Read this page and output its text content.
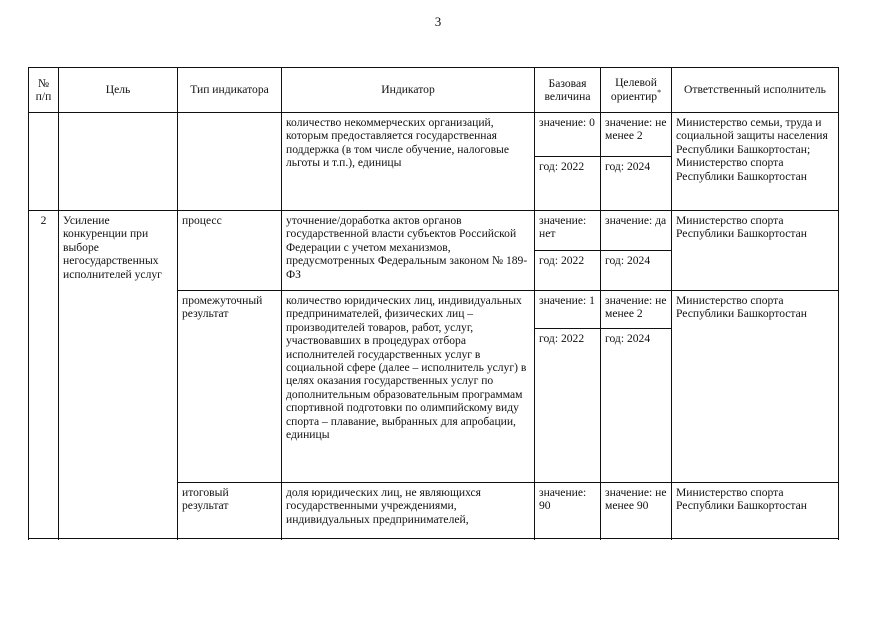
3
№ п/п	Цель	Тип индикатора	Индикатор	Базовая величина	Целевой ориентир*	Ответственный исполнитель
			количество некоммерческих организаций, которым предоставляется государственная поддержка (в том числе обучение, налоговые льготы и т.п.), единицы	значение: 0	значение: не менее 2	Министерство семьи, труда и социальной защиты населения Республики Башкортостан; Министерство спорта Республики Башкортостан
				год: 2022	год: 2024	
2	Усиление конкуренции при выборе негосударственных исполнителей услуг	процесс	уточнение/доработка актов органов государственной власти субъектов Российской Федерации с учетом механизмов, предусмотренных Федеральным законом № 189-ФЗ	значение: нет	значение: да	Министерство спорта Республики Башкортостан
				год: 2022	год: 2024	
		промежуточный результат	количество юридических лиц, индивидуальных предпринимателей, физических лиц – производителей товаров, работ, услуг, участвовавших в процедурах отбора исполнителей государственных услуг в социальной сфере (далее – исполнитель услуг) в целях оказания государственных услуг по дополнительным образовательным программам спортивной подготовки по олимпийскому виду спорта – плавание, выбранных для апробации, единицы	значение: 1	значение: не менее 2	Министерство спорта Республики Башкортостан
				год: 2022	год: 2024	
		итоговый результат	доля юридических лиц, не являющихся государственными учреждениями, индивидуальных предпринимателей,	значение: 90	значение: не менее 90	Министерство спорта Республики Башкортостан
